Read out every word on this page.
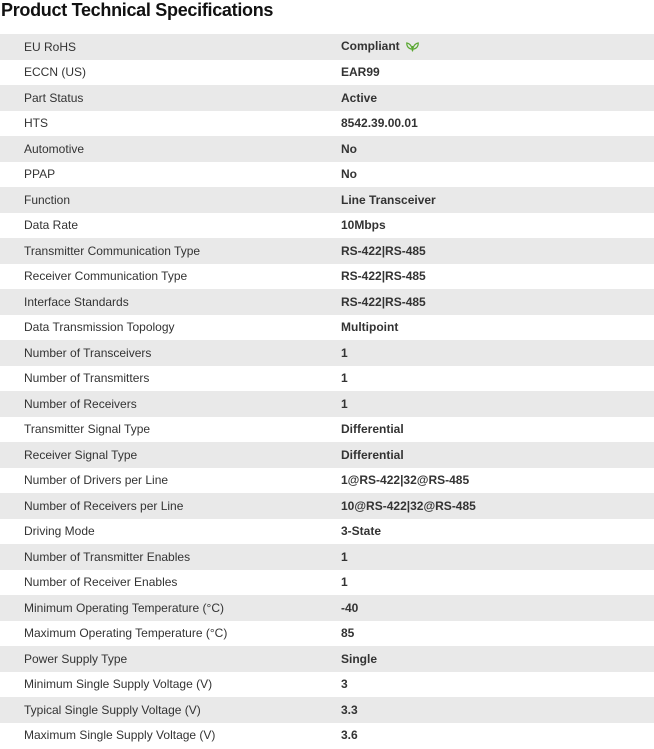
Product Technical Specifications
EU RoHS	Compliant
ECCN (US)	EAR99
Part Status	Active
HTS	8542.39.00.01
Automotive	No
PPAP	No
Function	Line Transceiver
Data Rate	10Mbps
Transmitter Communication Type	RS-422|RS-485
Receiver Communication Type	RS-422|RS-485
Interface Standards	RS-422|RS-485
Data Transmission Topology	Multipoint
Number of Transceivers	1
Number of Transmitters	1
Number of Receivers	1
Transmitter Signal Type	Differential
Receiver Signal Type	Differential
Number of Drivers per Line	1@RS-422|32@RS-485
Number of Receivers per Line	10@RS-422|32@RS-485
Driving Mode	3-State
Number of Transmitter Enables	1
Number of Receiver Enables	1
Minimum Operating Temperature (°C)	-40
Maximum Operating Temperature (°C)	85
Power Supply Type	Single
Minimum Single Supply Voltage (V)	3
Typical Single Supply Voltage (V)	3.3
Maximum Single Supply Voltage (V)	3.6
